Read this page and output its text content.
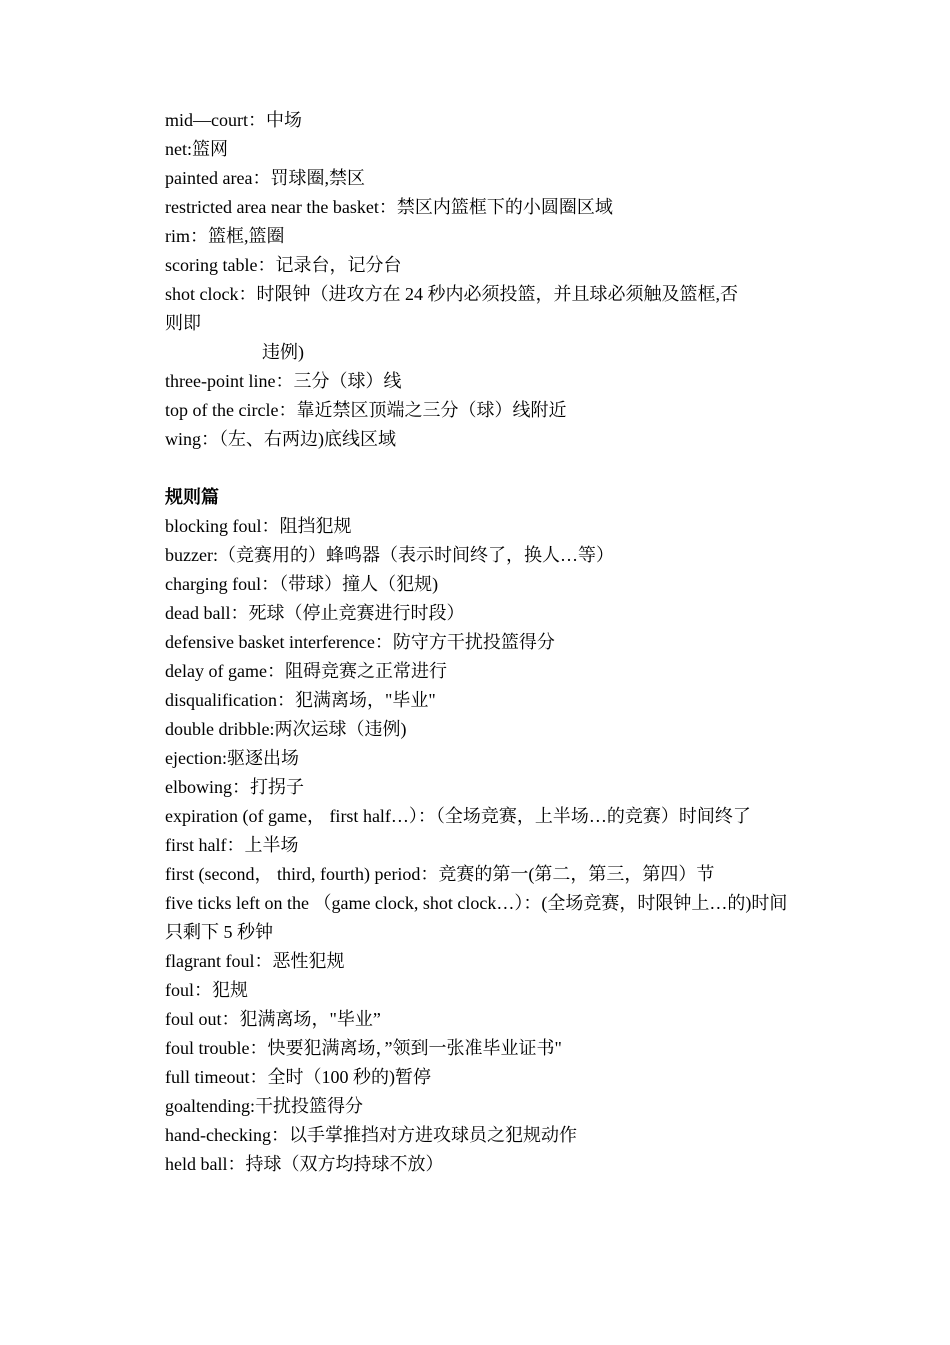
mid—court：中场

net:篮网

painted area：罚球圈,禁区

restricted area near the basket：禁区内篮框下的小圆圈区域

rim：篮框,篮圈

scoring table：记录台，记分台

shot clock：时限钟（进攻方在 24 秒内必须投篮，并且球必须触及篮框,否

则即

违例)

three-point line：三分（球）线

top of the circle：靠近禁区顶端之三分（球）线附近

wing：（左、右两边)底线区域

规则篇

blocking foul：阻挡犯规

buzzer:（竞赛用的）蜂鸣器（表示时间终了，换人…等）

charging foul：（带球）撞人（犯规)

dead ball：死球（停止竞赛进行时段）

defensive basket interference：防守方干扰投篮得分

delay of game：阻碍竞赛之正常进行

disqualification：犯满离场，"毕业"

double dribble:两次运球（违例)

ejection:驱逐出场

elbowing：打拐子

expiration (of game， first half…）：（全场竞赛，上半场…的竞赛）时间终了

first half：上半场

first (second， third, fourth) period：竞赛的第一(第二，第三，第四）节

five ticks left on the （game clock, shot clock…）：(全场竞赛，时限钟上…的)时间只剩下 5 秒钟

flagrant foul：恶性犯规

foul：犯规

foul out：犯满离场，"毕业”

foul trouble：快要犯满离场，”领到一张准毕业证书"

full timeout：全时（100 秒的)暂停

goaltending:干扰投篮得分

hand-checking：以手掌推挡对方进攻球员之犯规动作

held ball：持球（双方均持球不放）
